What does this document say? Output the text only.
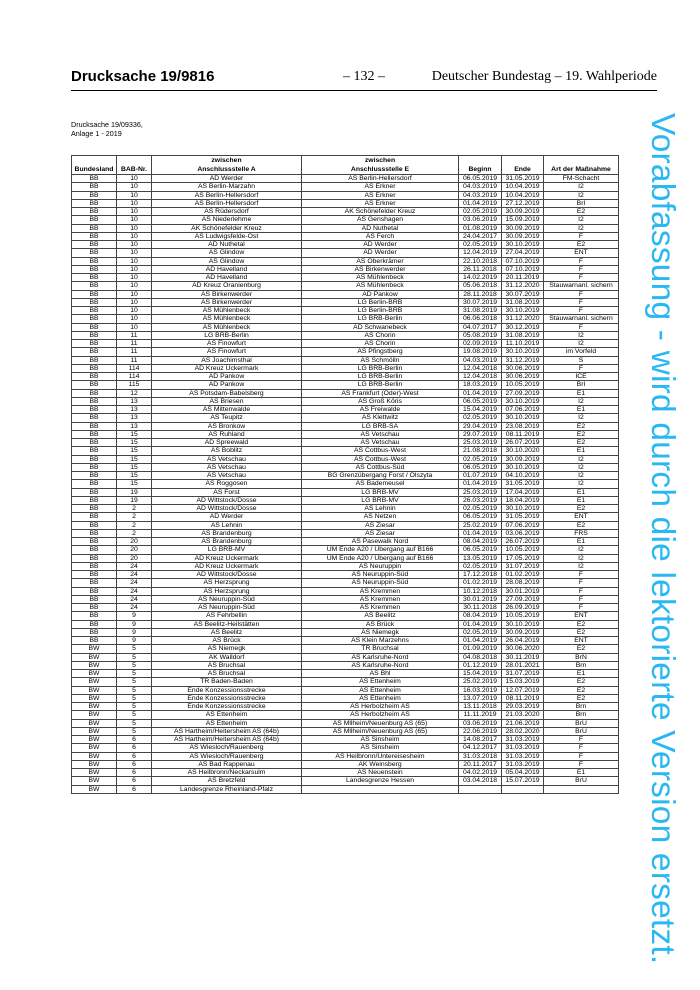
Drucksache 19/9816	– 132 –	Deutscher Bundestag – 19. Wahlperiode
Drucksache 19/09336,
Anlage 1 - 2019
		zwischen	zwischen			
Bundesland	BAB-Nr.	Anschlussstelle A	Anschlussstelle E	Beginn	Ende	Art der Maßnahme
BB	10	AD Werder	AS Berlin-Hellersdorf	06.05.2019	31.05.2019	FM-Schacht
BB	10	AS Berlin-Marzahn	AS Erkner	04.03.2019	10.04.2019	I2
BB	10	AS Berlin-Hellersdorf	AS Erkner	04.03.2019	10.04.2019	I2
BB	10	AS Berlin-Hellersdorf	AS Erkner	01.04.2019	27.12.2019	BrI
BB	10	AS Rüdersdorf	AK Schönefelder Kreuz	02.05.2019	30.09.2019	E2
BB	10	AS Niederlehme	AS Genshagen	03.06.2019	15.09.2019	I2
BB	10	AK Schönefelder Kreuz	AD Nuthetal	01.08.2019	30.09.2019	I2
BB	10	AS Ludwigsfelde-Ost	AS Ferch	24.04.2017	30.09.2019	F
BB	10	AD Nuthetal	AD Werder	02.05.2019	30.10.2019	E2
BB	10	AS Glindow	AD Werder	12.04.2019	27.04.2019	ENT
BB	10	AS Glindow	AS Oberkrämer	22.10.2018	07.10.2019	F
BB	10	AD Havelland	AS Birkenwerder	26.11.2018	07.10.2019	F
BB	10	AD Havelland	AS Mühlenbeck	14.02.2019	20.11.2019	F
BB	10	AD Kreuz Oranienburg	AS Mühlenbeck	05.06.2018	31.12.2020	Stauwarnanl. sichern
BB	10	AS Birkenwerder	AD Pankow	28.11.2018	30.07.2019	F
BB	10	AS Birkenwerder	LG Berlin-BRB	30.07.2019	31.08.2019	F
BB	10	AS Mühlenbeck	LG Berlin-BRB	31.08.2019	30.10.2019	F
BB	10	AS Mühlenbeck	LG BRB-Berlin	06.06.2018	31.12.2020	Stauwarnanl. sichern
BB	10	AS Mühlenbeck	AD Schwanebeck	04.07.2017	30.12.2019	F
BB	11	LG BRB-Berlin	AS Chorin	05.08.2019	31.08.2019	I2
BB	11	AS Finowfurt	AS Chorin	02.09.2019	11.10.2019	I2
BB	11	AS Finowfurt	AS Pfingstberg	19.08.2019	30.10.2019	im Vorfeld
BB	11	AS Joachimsthal	AS Schmölln	04.03.2019	31.12.2019	S
BB	114	AD Kreuz Uckermark	LG BRB-Berlin	12.04.2018	30.06.2019	F
BB	114	AD Pankow	LG BRB-Berlin	12.04.2018	30.06.2019	ICE
BB	115	AD Pankow	LG BRB-Berlin	18.03.2019	10.05.2019	BrI
BB	12	AS Potsdam-Babelsberg	AS Frankfurt (Oder)-West	01.04.2019	27.09.2019	E1
BB	13	AS Briesen	AS Groß Köris	06.05.2019	30.10.2019	I2
BB	13	AS Mittenwalde	AS Freiwalde	15.04.2019	07.06.2019	E1
BB	13	AS Teupitz	AS Klettwitz	02.05.2019	30.10.2019	I2
BB	13	AS Bronkow	LG BRB-SA	29.04.2019	23.08.2019	E2
BB	15	AS Ruhland	AS Vetschau	29.07.2019	08.11.2019	E2
BB	15	AD Spreewald	AS Vetschau	25.03.2019	26.07.2019	E2
BB	15	AS Boblitz	AS Cottbus-West	21.08.2018	30.10.2020	E1
BB	15	AS Vetschau	AS Cottbus-West	02.05.2019	30.09.2019	I2
BB	15	AS Vetschau	AS Cottbus-Süd	06.05.2019	30.10.2019	I2
BB	15	AS Vetschau	BG Grenzübergang Forst / Olszyta	01.07.2019	04.10.2019	I2
BB	15	AS Roggosen	AS Bademeusel	01.04.2019	31.05.2019	I2
BB	19	AS Forst	LG BRB-MV	25.03.2019	17.04.2019	E1
BB	19	AD Wittstock/Dosse	LG BRB-MV	26.03.2019	18.04.2019	E1
BB	2	AD Wittstock/Dosse	AS Lehnin	02.05.2019	30.10.2019	E2
BB	2	AD Werder	AS Netzen	06.05.2019	31.05.2019	ENT
BB	2	AS Lehnin	AS Ziesar	25.02.2019	07.06.2019	E2
BB	2	AS Brandenburg	AS Ziesar	01.04.2019	03.06.2019	FRS
BB	20	AS Brandenburg	AS Pasewalk Nord	08.04.2019	26.07.2019	E1
BB	20	LG BRB-MV	UM Ende A20 / Übergang auf B166	06.05.2019	10.05.2019	I2
BB	20	AD Kreuz Uckermark	UM Ende A20 / Übergang auf B166	13.05.2019	17.05.2019	I2
BB	24	AD Kreuz Uckermark	AS Neuruppin	02.05.2019	31.07.2019	I2
BB	24	AD Wittstock/Dosse	AS Neuruppin-Süd	17.12.2018	01.02.2019	F
BB	24	AS Herzsprung	AS Neuruppin-Süd	01.02.2019	28.08.2019	F
BB	24	AS Herzsprung	AS Kremmen	10.12.2018	30.01.2019	F
BB	24	AS Neuruppin-Süd	AS Kremmen	30.01.2019	27.09.2019	F
BB	24	AS Neuruppin-Süd	AS Kremmen	30.11.2018	26.09.2019	F
BB	9	AS Fehrbellin	AS Beelitz	08.04.2019	10.05.2019	ENT
BB	9	AS Beelitz-Heilstätten	AS Brück	01.04.2019	30.10.2019	E2
BB	9	AS Beelitz	AS Niemegk	02.05.2019	30.09.2019	E2
BB	9	AS Brück	AS Klein Marzehns	01.04.2019	26.04.2019	ENT
BW	5	AS Niemegk	TR Bruchsal	01.09.2019	30.06.2020	E2
BW	5	AK Walldorf	AS Karlsruhe-Nord	04.08.2018	30.11.2019	BrN
BW	5	AS Bruchsal	AS Karlsruhe-Nord	01.12.2019	28.01.2021	Brn
BW	5	AS Bruchsal	AS Bhl	15.04.2019	31.07.2019	E1
BW	5	TR Baden-Baden	AS Ettenheim	25.02.2019	15.03.2019	E2
BW	5	Ende Konzessionsstrecke	AS Ettenheim	16.03.2019	12.07.2019	E2
BW	5	Ende Konzessionsstrecke	AS Ettenheim	13.07.2019	08.11.2019	E2
BW	5	Ende Konzessionsstrecke	AS Herbolzheim AS	13.11.2018	29.03.2019	Brn
BW	5	AS Ettenheim	AS Herbolzheim AS	11.11.2019	21.03.2020	Brn
BW	5	AS Ettenheim	AS Mllheim/Neuenburg AS (65)	03.06.2019	21.06.2019	BrU
BW	5	AS Hartheim/Heitersheim AS (64b)	AS Mllheim/Neuenburg AS (65)	22.06.2019	28.02.2020	BrU
BW	6	AS Hartheim/Heitersheim AS (64b)	AS Sinsheim	14.08.2017	31.03.2019	F
BW	6	AS Wiesloch/Rauenberg	AS Sinsheim	04.12.2017	31.03.2019	F
BW	6	AS Wiesloch/Rauenberg	AS Heilbronn/Untereisesheim	31.03.2018	31.03.2019	F
BW	6	AS Bad Rappenau	AK Weinsberg	20.11.2017	31.03.2019	F
BW	6	AS Heilbronn/Neckarsulm	AS Neuenstein	04.02.2019	05.04.2019	E1
BW	6	AS Bretzfeld	Landesgrenze Hessen	03.04.2018	15.07.2019	BrU
BW	6	Landesgrenze Rheinland-Pfalz					Vorabfassung - wird durch die lektorierte Version ersetzt.
